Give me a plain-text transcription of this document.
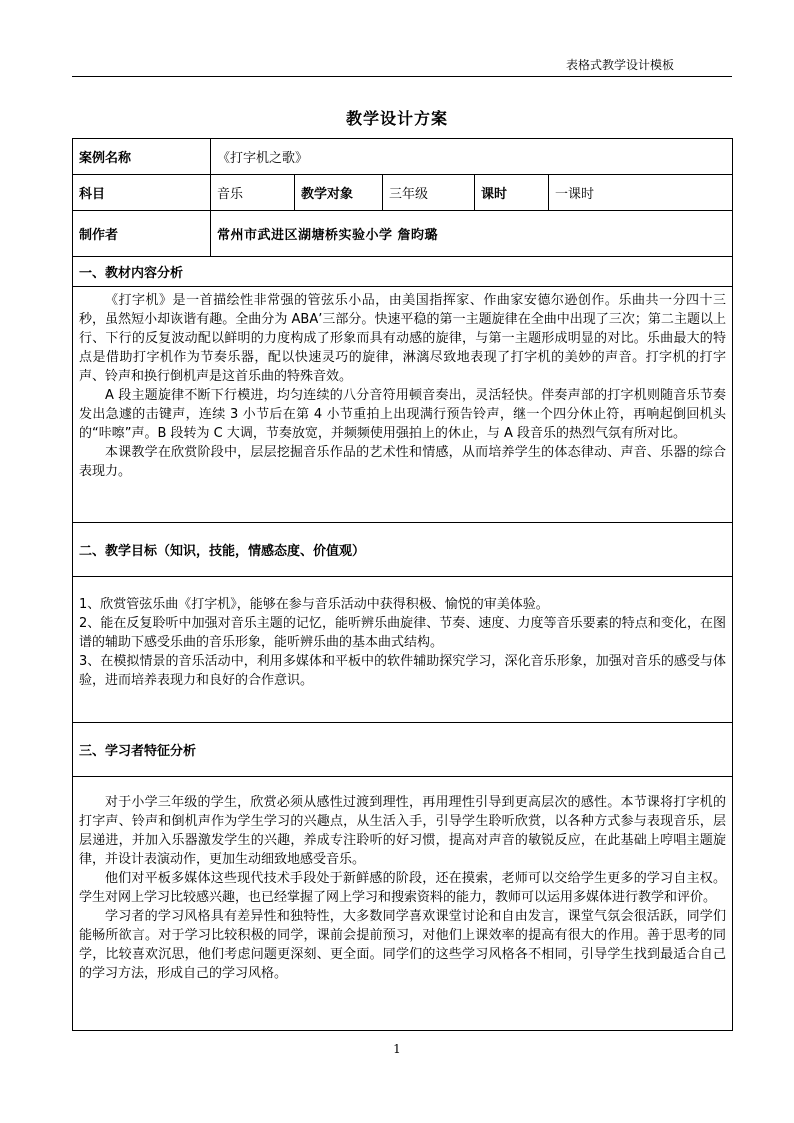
表格式教学设计模板
教学设计方案
案例名称	《打字机之歌》				
科目	音乐	教学对象	三年级	课时	一课时
制作者	常州市武进区湖塘桥实验小学 詹昀璐				
一、教材内容分析					

《打字机》是一首描绘性非常强的管弦乐小品，由美国指挥家、作曲家安德尔逊创作。乐曲共一分四十三秒，虽然短小却诙谐有趣。全曲分为 ABA’三部分。快速平稳的第一主题旋律在全曲中出现了三次；第二主题以上行、下行的反复波动配以鲜明的力度构成了形象而具有动感的旋律，与第一主题形成明显的对比。乐曲最大的特点是借助打字机作为节奏乐器，配以快速灵巧的旋律，淋漓尽致地表现了打字机的美妙的声音。打字机的打字声、铃声和换行倒机声是这首乐曲的特殊音效。

A 段主题旋律不断下行模进，均匀连续的八分音符用顿音奏出，灵活轻快。伴奏声部的打字机则随音乐节奏发出急遽的击键声，连续 3 小节后在第 4 小节重拍上出现满行预告铃声，继一个四分休止符，再响起倒回机头的“咔嚓”声。B 段转为 C 大调，节奏放宽，并频频使用强拍上的休止，与 A 段音乐的热烈气氛有所对比。

本课教学在欣赏阶段中，层层挖掘音乐作品的艺术性和情感，从而培养学生的体态律动、声音、乐器的综合表现力。					

二、教学目标（知识，技能，情感态度、价值观）					

1、欣赏管弦乐曲《打字机》，能够在参与音乐活动中获得积极、愉悦的审美体验。

2、能在反复聆听中加强对音乐主题的记忆，能听辨乐曲旋律、节奏、速度、力度等音乐要素的特点和变化，在图谱的辅助下感受乐曲的音乐形象，能听辨乐曲的基本曲式结构。

3、在模拟情景的音乐活动中，利用多媒体和平板中的软件辅助探究学习，深化音乐形象，加强对音乐的感受与体验，进而培养表现力和良好的合作意识。					

三、学习者特征分析					

对于小学三年级的学生，欣赏必须从感性过渡到理性，再用理性引导到更高层次的感性。本节课将打字机的打字声、铃声和倒机声作为学生学习的兴趣点，从生活入手，引导学生聆听欣赏，以各种方式参与表现音乐，层层递进，并加入乐器激发学生的兴趣，养成专注聆听的好习惯，提高对声音的敏锐反应，在此基础上哼唱主题旋律，并设计表演动作，更加生动细致地感受音乐。

他们对平板多媒体这些现代技术手段处于新鲜感的阶段，还在摸索，老师可以交给学生更多的学习自主权。学生对网上学习比较感兴趣，也已经掌握了网上学习和搜索资料的能力，教师可以运用多媒体进行教学和评价。

学习者的学习风格具有差异性和独特性，大多数同学喜欢课堂讨论和自由发言，课堂气氛会很活跃，同学们能畅所欲言。对于学习比较积极的同学，课前会提前预习，对他们上课效率的提高有很大的作用。善于思考的同学，比较喜欢沉思，他们考虑问题更深刻、更全面。同学们的这些学习风格各不相同，引导学生找到最适合自己的学习方法，形成自己的学习风格。					

1
